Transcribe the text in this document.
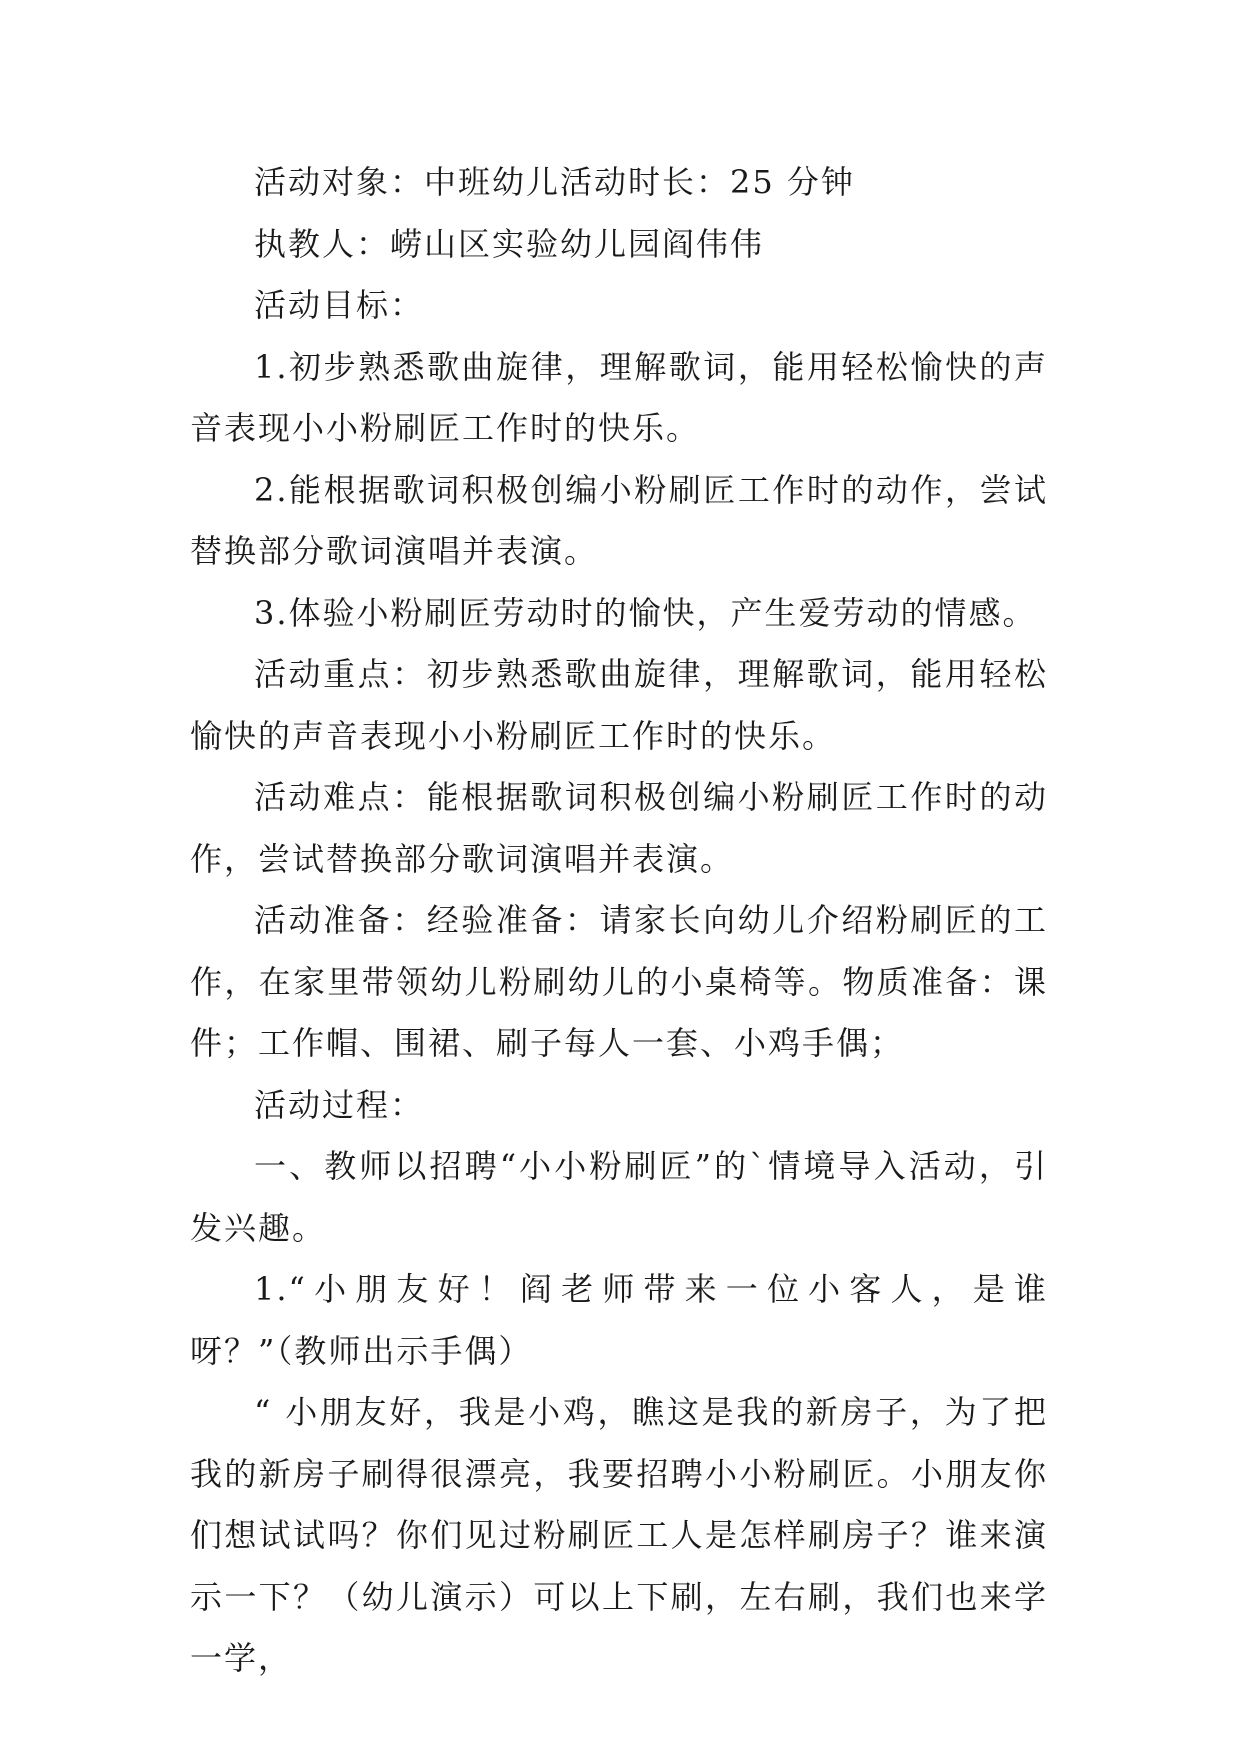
活动对象：中班幼儿活动时长：25 分钟

执教人：崂山区实验幼儿园阎伟伟

活动目标：

1.初步熟悉歌曲旋律，理解歌词，能用轻松愉快的声音表现小小粉刷匠工作时的快乐。

2.能根据歌词积极创编小粉刷匠工作时的动作，尝试替换部分歌词演唱并表演。

3.体验小粉刷匠劳动时的愉快，产生爱劳动的情感。

活动重点：初步熟悉歌曲旋律，理解歌词，能用轻松愉快的声音表现小小粉刷匠工作时的快乐。

活动难点：能根据歌词积极创编小粉刷匠工作时的动作，尝试替换部分歌词演唱并表演。

活动准备：经验准备：请家长向幼儿介绍粉刷匠的工作，在家里带领幼儿粉刷幼儿的小桌椅等。物质准备：课件；工作帽、围裙、刷子每人一套、小鸡手偶；

活动过程：

一、教师以招聘“小小粉刷匠”的`情境导入活动，引发兴趣。

1.“小朋友好！阎老师带来一位小客人，是谁呀？”（教师出示手偶）

“ 小朋友好，我是小鸡，瞧这是我的新房子，为了把我的新房子刷得很漂亮，我要招聘小小粉刷匠。小朋友你们想试试吗？你们见过粉刷匠工人是怎样刷房子？谁来演示一下？（幼儿演示）可以上下刷，左右刷，我们也来学一学，
